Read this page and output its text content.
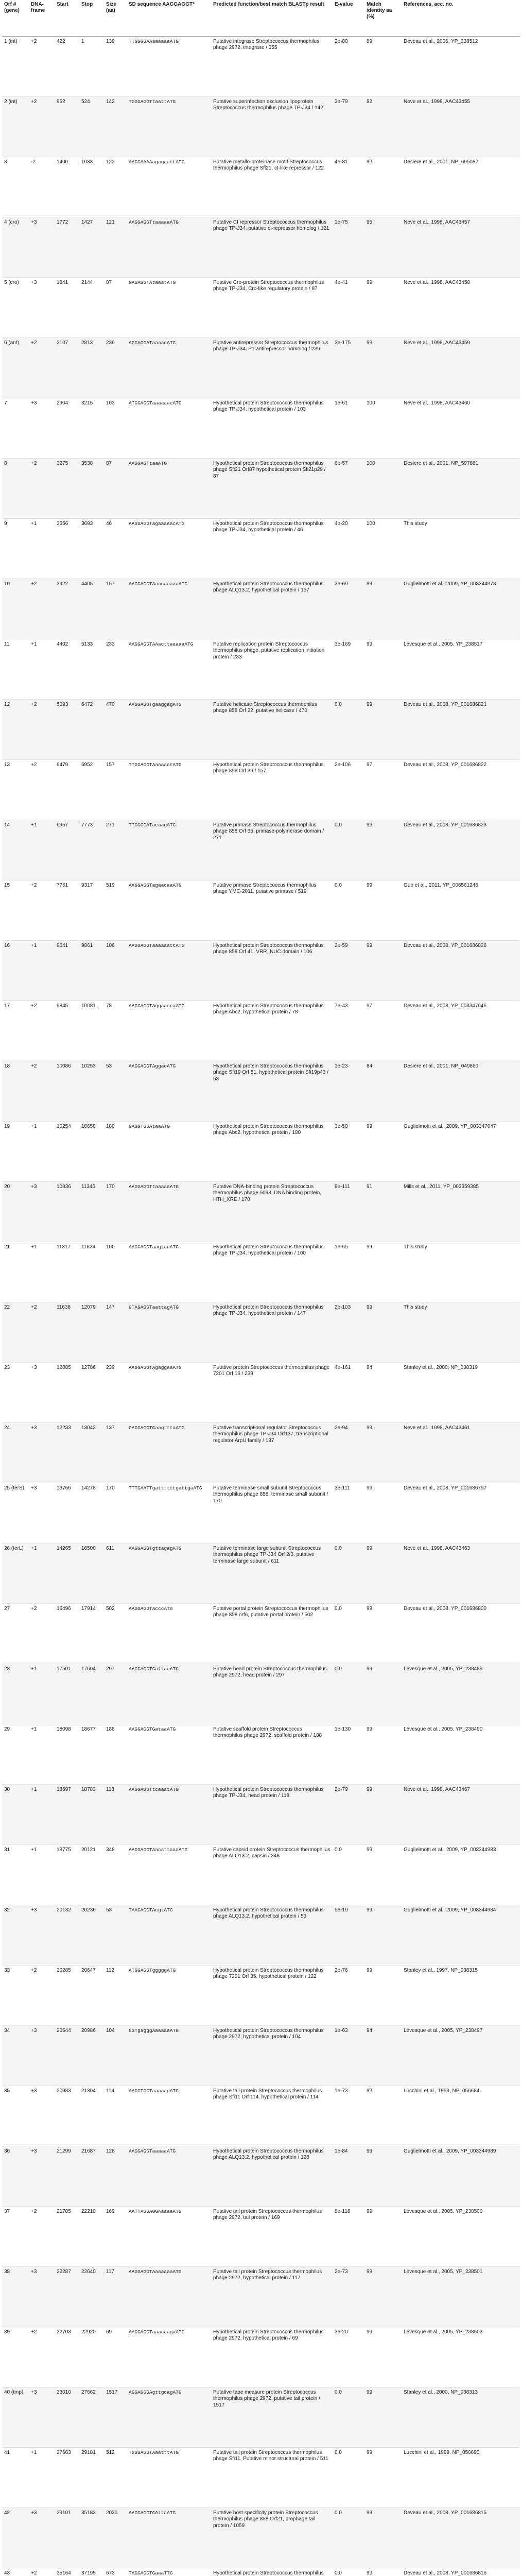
Orf # (gene)	DNA-frame	Start	Stop	Size (aa)	SD sequence AAGGAGGT*	Predicted function/best match BLASTp result	E-value	Match identity aa (%)	References, acc. no.
1 (int)	+2	422	1	139	TTGGGGAAaaaaaaATG	Putative integrase Streptococcus thermophilus phage 2972, integrase / 355	2e-80	89	Deveau et al., 2006, YP_238512
2 (int)	+2	952	524	142	TGGGAGGTtaattATG	Putative superinfection exclusion lipoprotein Streptococcus thermophilus phage TP-J34 / 142	3e-79	82	Neve et al., 1998, AAC43455
3	-2	1400	1033	122	AAGGAAAAagagaattATG	Putative metallo-proteinase motif Streptococcus thermophilus phage Sfi21, cI-like repressor / 122	4e-81	99	Desiere et al., 2001, NP_695082
4 (cro)	+3	1772	1427	121	AAGGAGGTtaaaaaATG	Putative CI repressor Streptococcus thermophilus phage TP-J34, putative cI-repressor homolog / 121	1e-75	95	Neve et al., 1998, AAC43457
5 (cro)	+3	1841	2144	87	GAGAGGTAtaaatATG	Putative Cro-protein Streptococcus thermophilus phage TP-J34, Cro-like regulatory protein / 87	4e-41	99	Neve et al., 1998, AAC43458
6 (ant)	+2	2107	2813	236	AGGAGGATaaaacATG	Putative antirepressor Streptococcus thermophilus phage TP-J34, P1 antirepressor homolog / 236	3e-175	99	Neve et al., 1998, AAC43459
7	+3	2904	3215	103	ATGGAGGTaaaaaacATG	Hypothetical protein Streptococcus thermophilus phage TP-J34, hypothetical protein / 103	1e-61	100	Neve et al., 1998, AAC43460
8	+2	3275	3538	87	AAGGAGTtaaATG	Hypothetical protein Streptococcus thermophilus phage Sfi21 Orf87 hypothetical protein Sfi21p29 / 87	6e-57	100	Desiere et al., 2001, NP_597881
9	+1	3556	3693	46	AAGGAGGTagaaaaacATG	Hypothetical protein Streptococcus thermophilus phage TP-J34, hypothetical protein / 46	4e-20	100	This study
10	+2	3922	4405	157	AAGGAGGTAaacaaaaaATG	Hypothetical protein Streptococcus thermophilus phage ALQ13.2, hypothetical protein / 157	3e-69	89	Guglielmotti et al., 2009, YP_003344978
11	+1	4402	5133	233	AAGGAGGTAAacttaaaaaATG	Putative replication protein Streptococcus thermophilus phage, putative replication initiation protein / 233	3e-169	99	Lévesque et al., 2005, YP_238517
12	+2	5093	6472	470	AAGGAGGTgaaggagATG	Putative helicase Streptococcus thermophilus phage 858 Orf 22, putative helicase / 470	0.0	99	Deveau et al., 2008, YP_001686821
13	+2	6479	6952	157	TTGGAGGTAaaaaatATG	Hypothetical protein Streptococcus thermophilus phage 858 Orf 39 / 157	2e-106	97	Deveau et al., 2008, YP_001686822
14	+1	6957	7773	271	TTGGCCATacaagATG	Putative primase Streptococcus thermophilus phage 858 Orf 35, primase-polymerase domain / 271	0.0	99	Deveau et al., 2008, YP_001686823
15	+2	7761	9317	519	AAGGAGGTagaacaaATG	Putative primase Streptococcus thermophilus phage YMC-2011, putative primase / 519	0.0	99	Guo et al., 2011, YP_006561246
16	+1	9641	9861	106	AAGGAGGTaaaaaattATG	Hypothetical protein Streptococcus thermophilus phage 858 Orf 41, VRR_NUC domain / 106	2e-59	99	Deveau et al., 2008, YP_001686826
17	+2	9845	10081	78	AAGGAGGTAggaaacaATG	Hypothetical protein Streptococcus thermophilus phage Abc2, hypothetical protein / 78	7e-43	97	Deveau et al., 2008, YP_003347646
18	+2	10086	10253	53	AAGGAGGTAggacATG	Hypothetical protein Streptococcus thermophilus phage Sfi19 Orf 51, hypothetical protein Sfi19p43 / 53	1e-23	84	Desiere et al., 2001, NP_049860
19	+1	10254	10658	180	GAGGTGGAtaaATG	Hypothetical protein Streptococcus thermophilus phage Abc2, hypothetical protein / 180	3e-50	99	Guglielmotti et al., 2009, YP_003347647
20	+3	10936	11346	170	AAGGAGGTtaaaaaATG	Putative DNA-binding protein Streptococcus thermophilus phage 5093, DNA binding protein, HTH_XRE / 170	8e-111	91	Mills et al., 2011, YP_003359385
21	+1	11317	11624	100	AAGGAGGTaagtaaATG	Hypothetical protein Streptococcus thermophilus phage TP-J34, hypothetical protein / 100	1e-65	99	This study
22	+2	11638	12079	147	GTAGAGGTaattagATG	Hypothetical protein Streptococcus thermophilus phage TP-J34, hypothetical protein / 147	2e-103	99	This study
23	+3	12085	12786	239	AAGGAGGTAgaggaaATG	Putative protein Streptococcus thermophilus phage 7201 Orf 16 / 239	4e-161	94	Stanley et al., 2000, NP_038319
24	+3	12233	13043	137	GAGGAGGTGaagtttaATG	Putative transcriptional regulator Streptococcus thermophilus phage TP-J34 Orf137, transcriptional regulator ArpU family / 137	2e-94	99	Neve et al., 1998, AAC43461
25 (terS)	+3	13766	14278	170	TTTGAATTgattttttgattgaATG	Putative terminase small subunit Streptococcus thermophilus phage 858, terminase small subunit / 170	3e-111	99	Deveau et al., 2008, YP_001686797
26 (terL)	+1	14265	16500	611	AAGGAGGTgttagagATG	Putative terminase large subunit Streptococcus thermophilus phage TP-J34 Orf 2/3, putative terminase large subunit / 611	0.0	99	Neve et al., 1998, AAC43463
27	+2	16496	17914	502	AAGGAGGTacccATG	Putative portal protein Streptococcus thermophilus phage 858 orf6, putative portal protein / 502	0.0	99	Deveau et al., 2008, YP_001686800
28	+1	17501	17604	297	AAGGAGGTGattaaATG	Putative head protein Streptococcus thermophilus phage 2972, head protein / 297	0.0	99	Lévesque et al., 2005, YP_238489
29	+1	18098	18677	188	AAGGAGGTGataaATG	Putative scaffold protein Streptococcus thermophilus phage 2972, scaffold protein / 188	1e-130	99	Lévesque et al., 2005, YP_238490
30	+1	18697	18783	118	AAGGAGGTtcaaatATG	Hypothetical protein Streptococcus thermophilus phage TP-J34, head protein / 118	2e-79	99	Neve et al., 1998, AAC43467
31	+1	18775	20121	348	AAGGAGGTAacattaaaATG	Putative capsid protein Streptococcus thermophilus phage ALQ13.2, capsid / 348	0.0	99	Guglielmotti et al., 2009, YP_003344983
32	+3	20132	20236	53	TAAGAGGTAcgtATG	Hypothetical protein Streptococcus thermophilus phage ALQ13.2, hypothetical protein / 53	5e-19	99	Guglielmotti et al., 2009, YP_003344984
33	+2	20285	20647	112	ATGGAGGTgggggATG	Hypothetical protein Streptococcus thermophilus phage 7201 Orf 35, hypothetical protein / 122	2e-76	99	Stanley et al., 1997, NP_038315
34	+3	20644	20986	104	GGTgagggAaaaaaATG	Hypothetical protein Streptococcus thermophilus phage 2972, hypothetical protein / 104	1e-63	94	Lévesque et al., 2005, YP_238497
35	+3	20983	21304	114	AAGGTGGTaaaaagATG	Putative tail protein Streptococcus thermophilus phage Sfi11 Orf 114, hypothetical protein / 114	1e-73	99	Lucchini et al., 1999, NP_056684
36	+3	21299	21687	128	AAGGAGGTaaaaaATG	Hypothetical protein Streptococcus thermophilus phage ALQ13.2, hypothetical protein / 128	1e-84	99	Guglielmotti et al., 2009, YP_003344989
37	+2	21705	22210	169	AATTAGGAGGAaaaaATG	Putative tail protein Streptococcus thermophilus phage 2972, tail protein / 169	8e-116	99	Lévesque et al., 2005, YP_238500
38	+3	22287	22640	117	AAGGAGGTAaaaaaaATG	Putative tail protein Streptococcus thermophilus phage 2972, hypothetical protein / 117	2e-73	99	Lévesque et al., 2005, YP_238501
39	+2	22703	22920	69	AAGGAGGTaaacaagaATG	Hypothetical protein Streptococcus thermophilus phage 2972, hypothetical protein / 69	3e-20	99	Lévesque et al., 2005, YP_238503
40 (tmp)	+3	23010	27662	1517	AGGAGGGAgttgcagATG	Putative tape measure protein Streptococcus thermophilus phage 2972, putative tail protein / 1517	0.0	99	Stanley et al., 2000, NP_038313
41	+1	27663	29181	512	TGGGAGGTAaatttATG	Putative tail protein Streptococcus thermophilus phage Sfi11, Putative minor structural protein / 511	0.0	99	Lucchini et al., 1999, NP_056690
42	+3	29101	35183	2020	AAGGAGGTGAttaATG	Putative host specificity protein Streptococcus thermophilus phage 858 Orf21, prophage tail protein / 1059	0.0	99	Deveau et al., 2008, YP_001686815
43	+2	35164	37195	673	TAGGAGGTGaaaTTG	Hypothetical protein Streptococcus thermophilus	0.0	99	Deveau et al., 2008, YP_001686816
